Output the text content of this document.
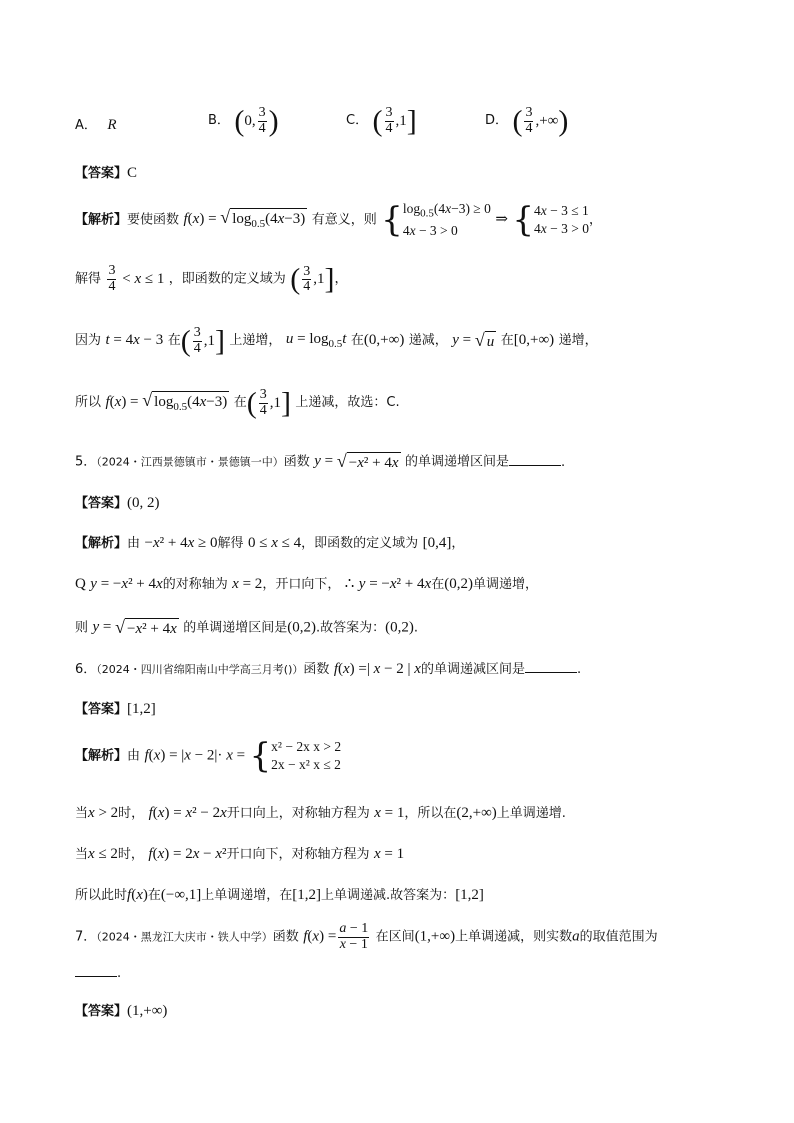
A． R	B． (0, $\frac{3}{4}$ )	C． ( $\frac{3}{4} ,1$]	D． ( $\frac{3}{4}$ ,+∞)
【答案】C
【解析】要使函数 f(x) = √ $\log_{0.5}(4x-3)$ 有意义，则 { $\log_{0.5}(4x-3) \ge 0$
4x − 3 > 0
⇒ { 4x − 3 ≤ 1
4x − 3 > 0
，
解得 $\frac{3}{4} < x \le 1$ ，即函数的定义域为 ( $\frac{3}{4} ,1$]，
因为 t = 4x − 3 在( $\frac{3}{4} ,1$] 上递增， $u = \log_{0.5}t$ 在(0,+∞) 递减， y = √ u 在[0,+∞) 递增，
所以 f(x) = √ $\log_{0.5}(4x-3)$ 在( $\frac{3}{4} ,1$] 上递减，故选：C.
5．（2024・江西景德镇市・景德镇一中）函数 y = √ −x² + 4x 的单调递增区间是	.
【答案】(0, 2)
【解析】由 −x² + 4x ≥ 0解得 0 ≤ x ≤ 4，即函数的定义域为 [0,4]，
Q y = −x² + 4x的对称轴为 x = 2，开口向下， ∴ y = −x² + 4x在(0,2)单调递增，
则 y = √ −x² + 4x 的单调递增区间是(0,2).故答案为：(0,2).
6．（2024・四川省绵阳南山中学高三月考()）函数 f(x) =| x − 2 | x的单调递减区间是	.
【答案】[1,2]
【解析】由 f(x) = |x − 2|· x = { x² − 2x x > 2
2x − x² x ≤ 2
当x > 2时， f(x) = x² − 2x开口向上，对称轴方程为 x = 1，所以在(2,+∞)上单调递增.
当x ≤ 2时， f(x) = 2x − x²开口向下，对称轴方程为 x = 1
所以此时f(x)在(−∞,1]上单调递增，在[1,2]上单调递减.故答案为：[1,2]
7．（2024・黑龙江大庆市・铁人中学）函数 $f(x) = \frac{a - 1}{x - 1}$ 在区间(1,+∞)上单调递减，则实数a的取值范围为
.
【答案】(1,+∞)
